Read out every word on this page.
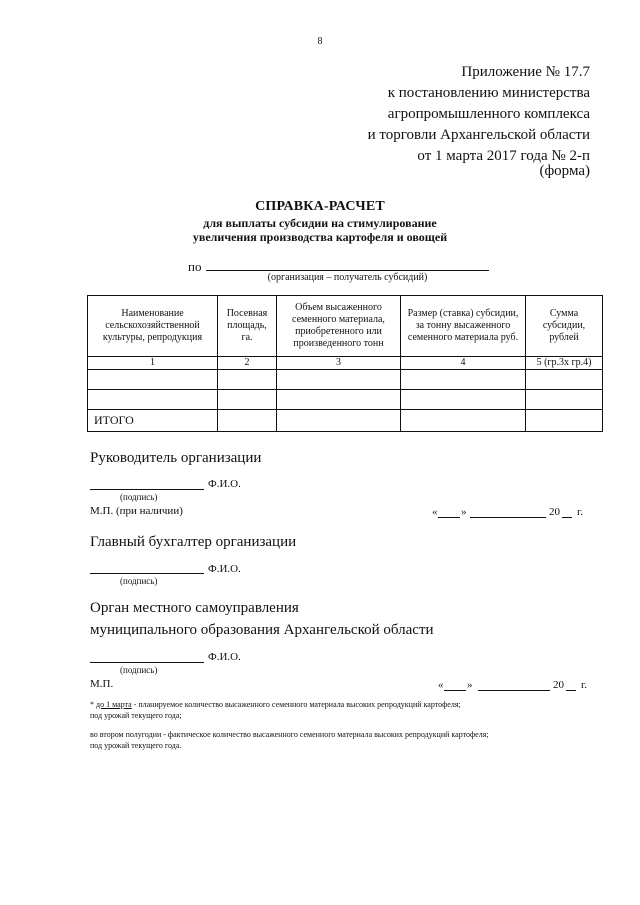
8
Приложение № 17.7
к постановлению министерства
агропромышленного комплекса
и торговли Архангельской области
от 1 марта 2017 года № 2-п
(форма)
СПРАВКА-РАСЧЕТ
для выплаты субсидии на стимулирование
увеличения производства картофеля и овощей
по
(организация – получатель субсидий)
Наименование сельскохозяйственной культуры, репродукция	Посевная площадь, га.	Объем высаженного семенного материала, приобретенного или произведенного тонн	Размер (ставка) субсидии, за тонну высаженного семенного материала руб.	Сумма субсидии, рублей
1	2	3	4	5 (гр.3х гр.4)

ИТОГО				
Руководитель организации
Ф.И.О.
(подпись)
М.П. (при наличии)	« »	20 г.
Главный бухгалтер организации
Ф.И.О.
(подпись)
Орган местного самоуправления
муниципального образования Архангельской области
Ф.И.О.
(подпись)
М.П.	« »	20 г.
* до 1 марта - планируемое количество высаженного семенного материала высоких репродукций картофеля;
под урожай текущего года;
во втором полугодии - фактическое количество высаженного семенного материала высоких репродукций картофеля;
под урожай текущего года.
